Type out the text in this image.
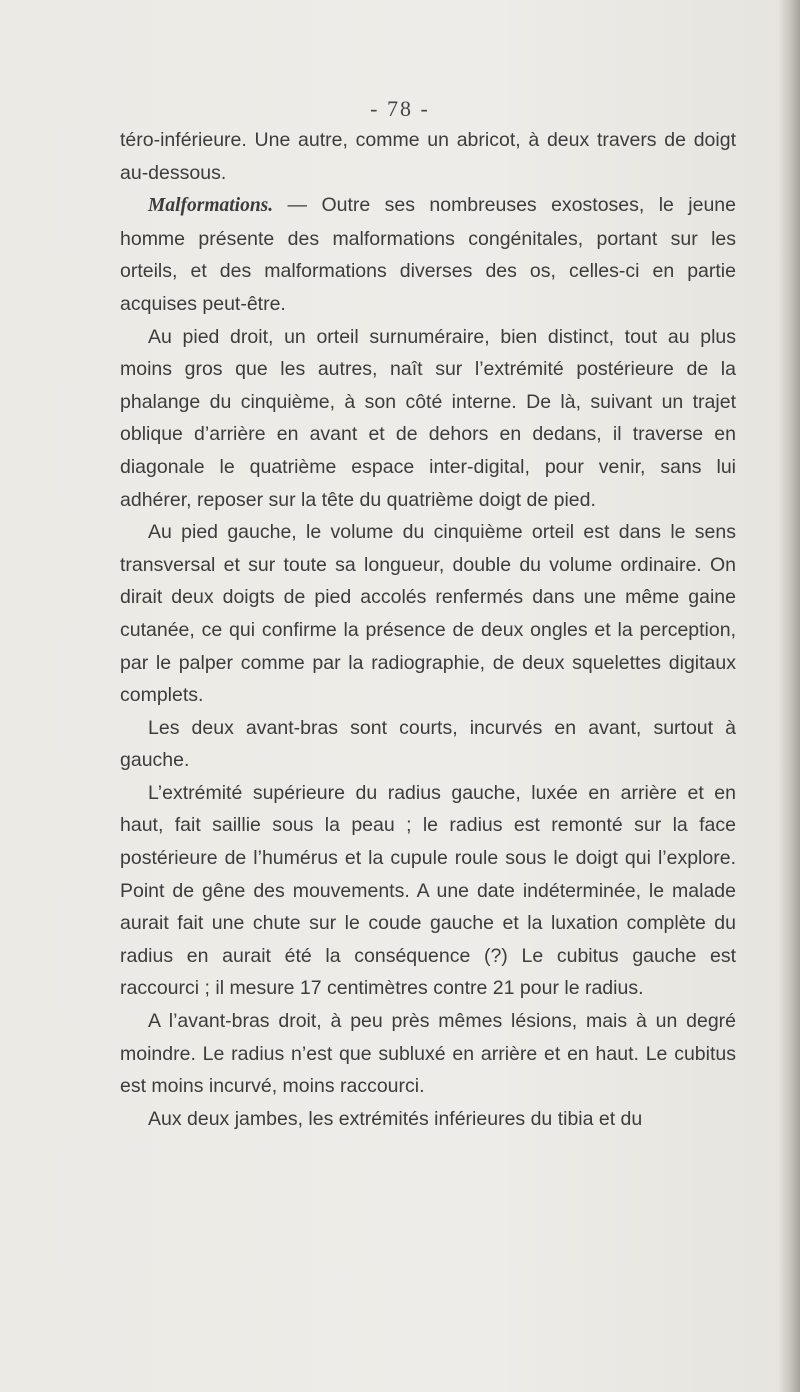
- 78 -

téro-inférieure. Une autre, comme un abricot, à deux travers de doigt au-dessous.

Malformations. — Outre ses nombreuses exostoses, le jeune homme présente des malformations congénitales, portant sur les orteils, et des malformations diverses des os, celles-ci en partie acquises peut-être.

Au pied droit, un orteil surnuméraire, bien distinct, tout au plus moins gros que les autres, naît sur l’extrémité postérieure de la phalange du cinquième, à son côté interne. De là, suivant un trajet oblique d’arrière en avant et de dehors en dedans, il traverse en diagonale le quatrième espace inter-digital, pour venir, sans lui adhérer, reposer sur la tête du quatrième doigt de pied.

Au pied gauche, le volume du cinquième orteil est dans le sens transversal et sur toute sa longueur, double du volume ordinaire. On dirait deux doigts de pied accolés renfermés dans une même gaine cutanée, ce qui confirme la présence de deux ongles et la perception, par le palper comme par la radiographie, de deux squelettes digitaux complets.

Les deux avant-bras sont courts, incurvés en avant, surtout à gauche.

L’extrémité supérieure du radius gauche, luxée en arrière et en haut, fait saillie sous la peau ; le radius est remonté sur la face postérieure de l’humérus et la cupule roule sous le doigt qui l’explore. Point de gêne des mouvements. A une date indéterminée, le malade aurait fait une chute sur le coude gauche et la luxation complète du radius en aurait été la conséquence (?) Le cubitus gauche est raccourci ; il mesure 17 centimètres contre 21 pour le radius.

A l’avant-bras droit, à peu près mêmes lésions, mais à un degré moindre. Le radius n’est que subluxé en arrière et en haut. Le cubitus est moins incurvé, moins raccourci.

Aux deux jambes, les extrémités inférieures du tibia et du
